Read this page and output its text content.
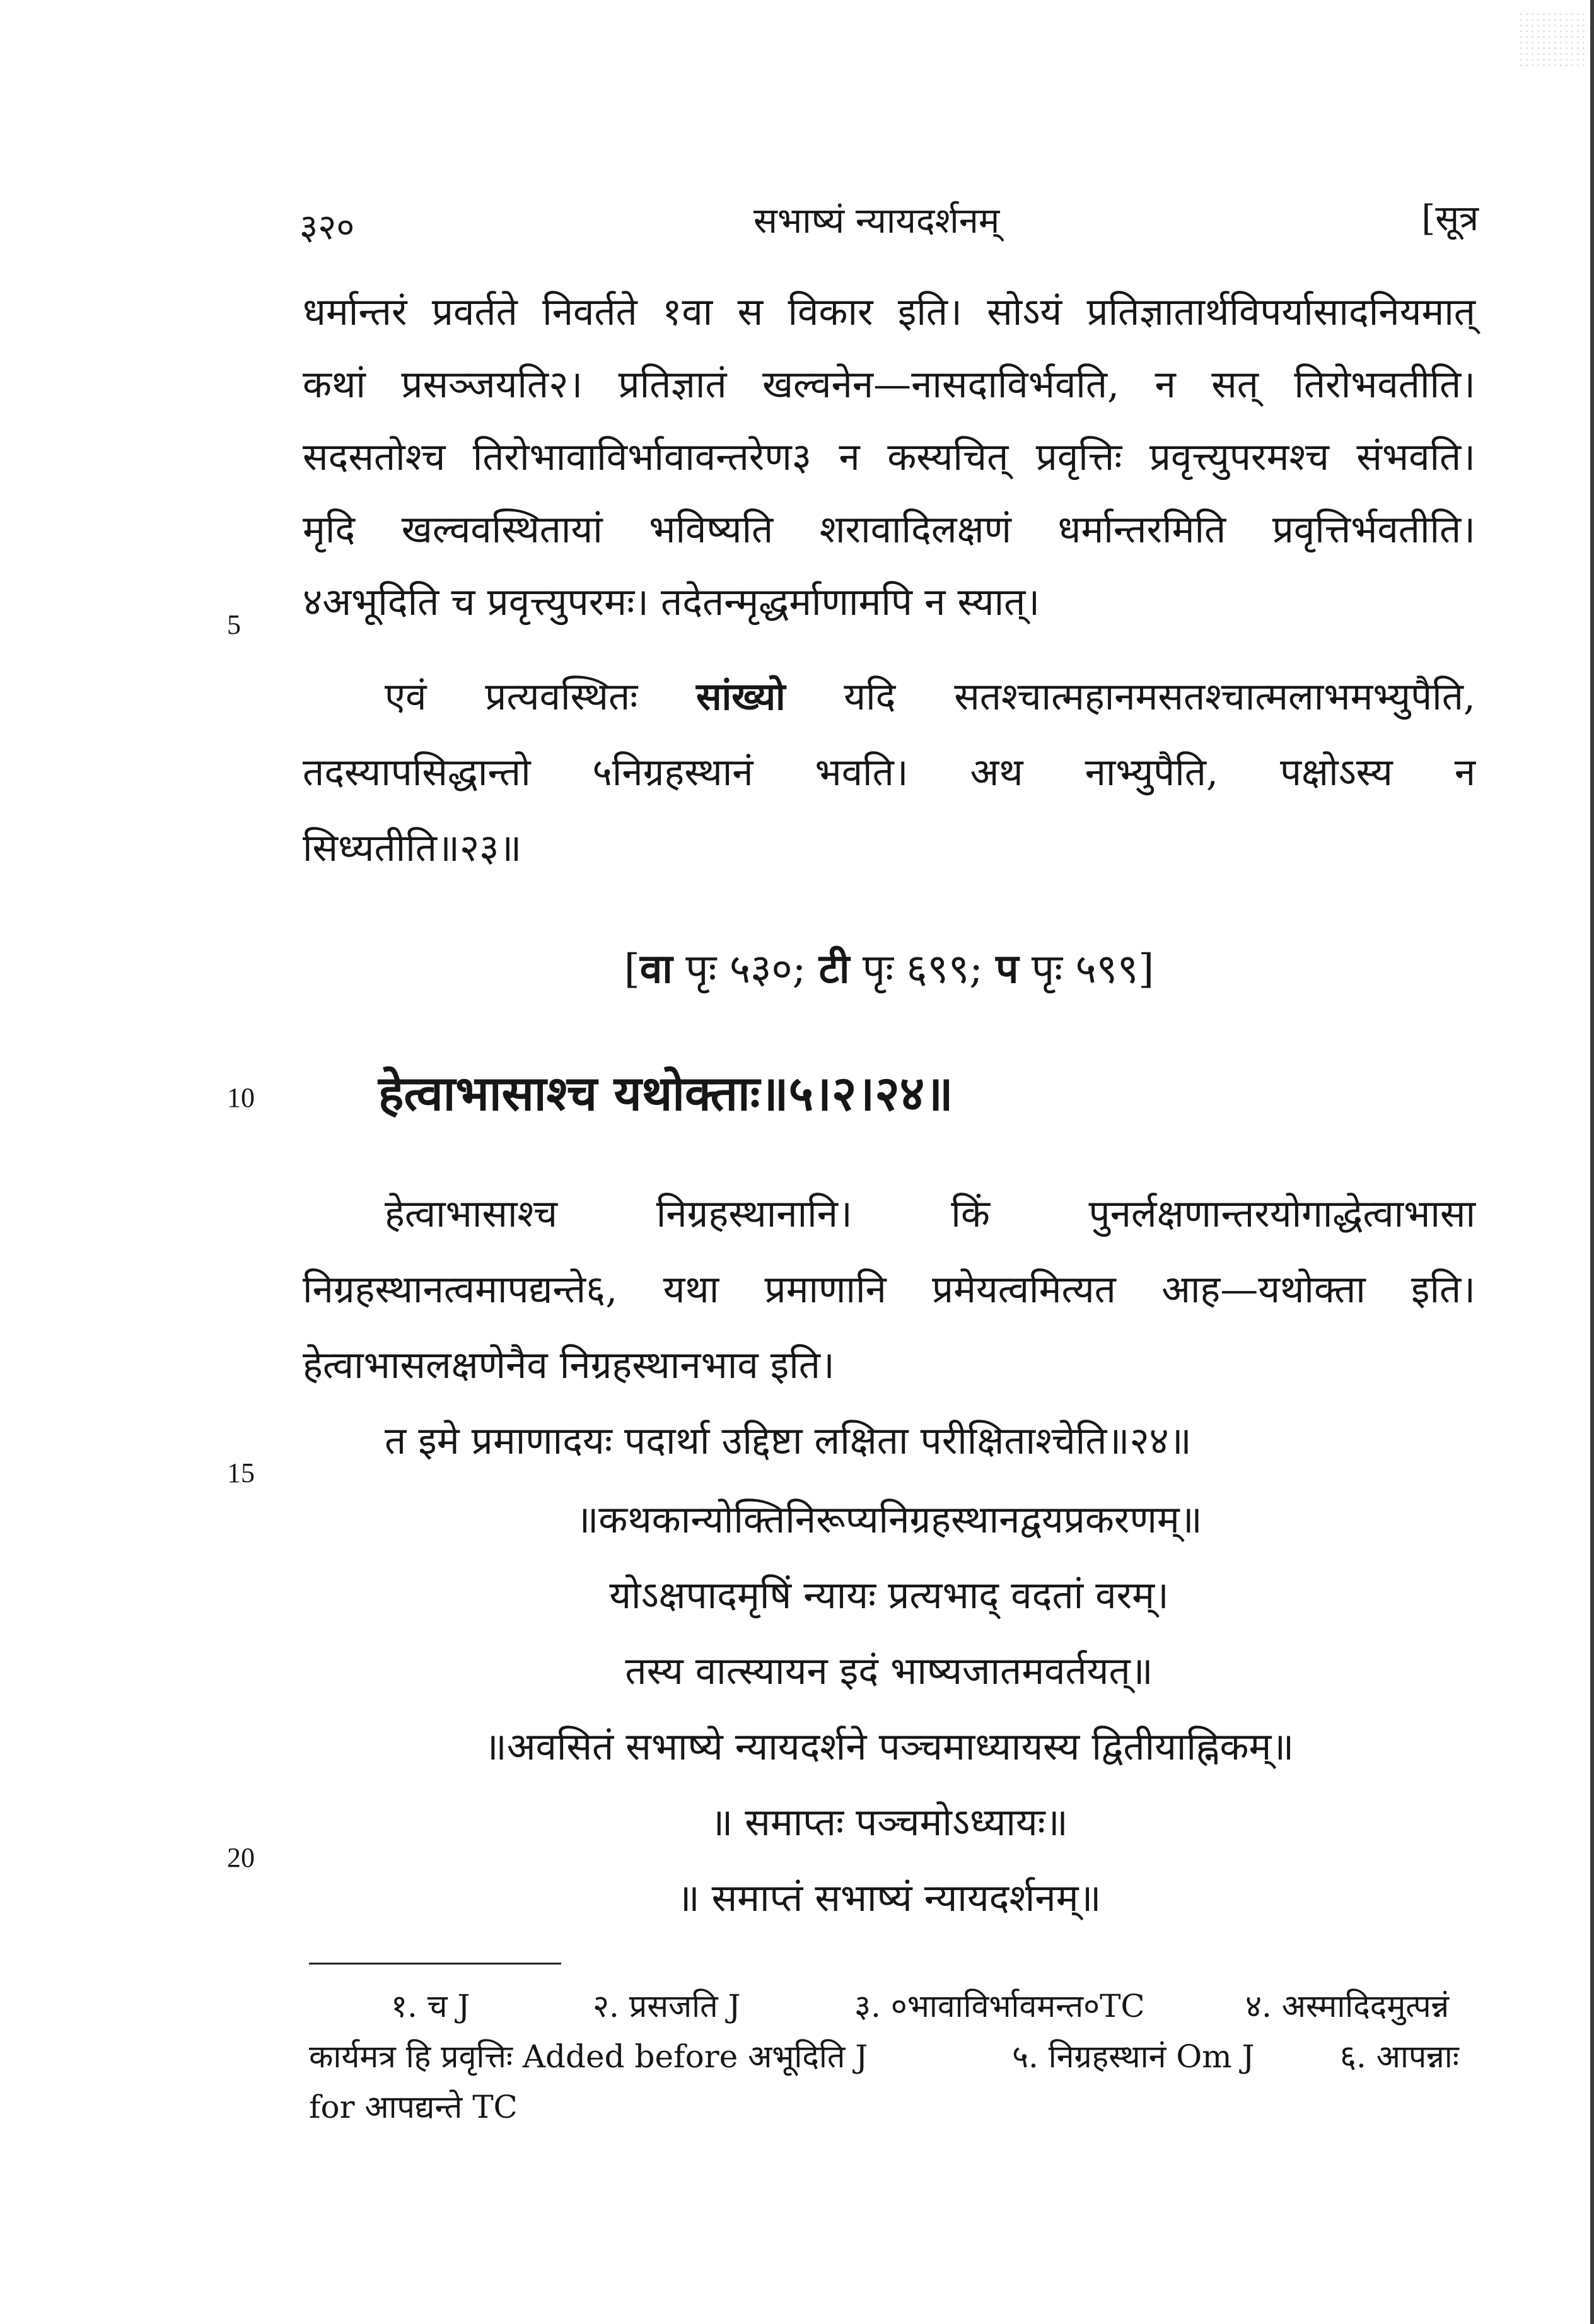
३२०	सभाष्यं न्यायदर्शनम्	[सूत्र
धर्मान्तरं प्रवर्तते निवर्तते १वा स विकार इति। सोऽयं प्रतिज्ञातार्थविपर्यासादनियमात्
कथां प्रसञ्जयति२। प्रतिज्ञातं खल्वनेन—नासदाविर्भवति, न सत् तिरोभवतीति।
सदसतोश्च तिरोभावाविर्भावावन्तरेण३ न कस्यचित् प्रवृत्तिः प्रवृत्त्युपरमश्च संभवति।
मृदि खल्ववस्थितायां भविष्यति शरावादिलक्षणं धर्मान्तरमिति प्रवृत्तिर्भवतीति।
४अभूदिति च प्रवृत्त्युपरमः। तदेतन्मृद्धर्माणामपि न स्यात्।
5
एवं प्रत्यवस्थितः सांख्यो यदि सतश्चात्महानमसतश्चात्मलाभमभ्युपैति,
तदस्यापसिद्धान्तो ५निग्रहस्थानं भवति। अथ नाभ्युपैति, पक्षोऽस्य न
सिध्यतीति॥२३॥
[वा पृः ५३०; टी पृः ६९९; प पृः ५९९]
10	हेत्वाभासाश्च यथोक्ताः॥५।२।२४॥
हेत्वाभासाश्च निग्रहस्थानानि। किं पुनर्लक्षणान्तरयोगाद्धेत्वाभासा
निग्रहस्थानत्वमापद्यन्ते६, यथा प्रमाणानि प्रमेयत्वमित्यत आह—यथोक्ता इति।
हेत्वाभासलक्षणेनैव निग्रहस्थानभाव इति।
त इमे प्रमाणादयः पदार्था उद्दिष्टा लक्षिता परीक्षिताश्चेति॥२४॥
15
॥कथकान्योक्तिनिरूप्यनिग्रहस्थानद्वयप्रकरणम्॥
योऽक्षपादमृषिं न्यायः प्रत्यभाद् वदतां वरम्।
तस्य वात्स्यायन इदं भाष्यजातमवर्तयत्॥
॥अवसितं सभाष्ये न्यायदर्शने पञ्चमाध्यायस्य द्वितीयाह्निकम्॥
॥ समाप्तः पञ्चमोऽध्यायः॥
॥ समाप्तं सभाष्यं न्यायदर्शनम्॥
20
१. च J	२. प्रसजति J	३. ०भावाविर्भावमन्त०TC	४. अस्मादिदमुत्पन्नं
कार्यमत्र हि प्रवृत्तिः Added before अभूदिति J	५. निग्रहस्थानं Om J	६. आपन्नाः
for आपद्यन्ते TC
